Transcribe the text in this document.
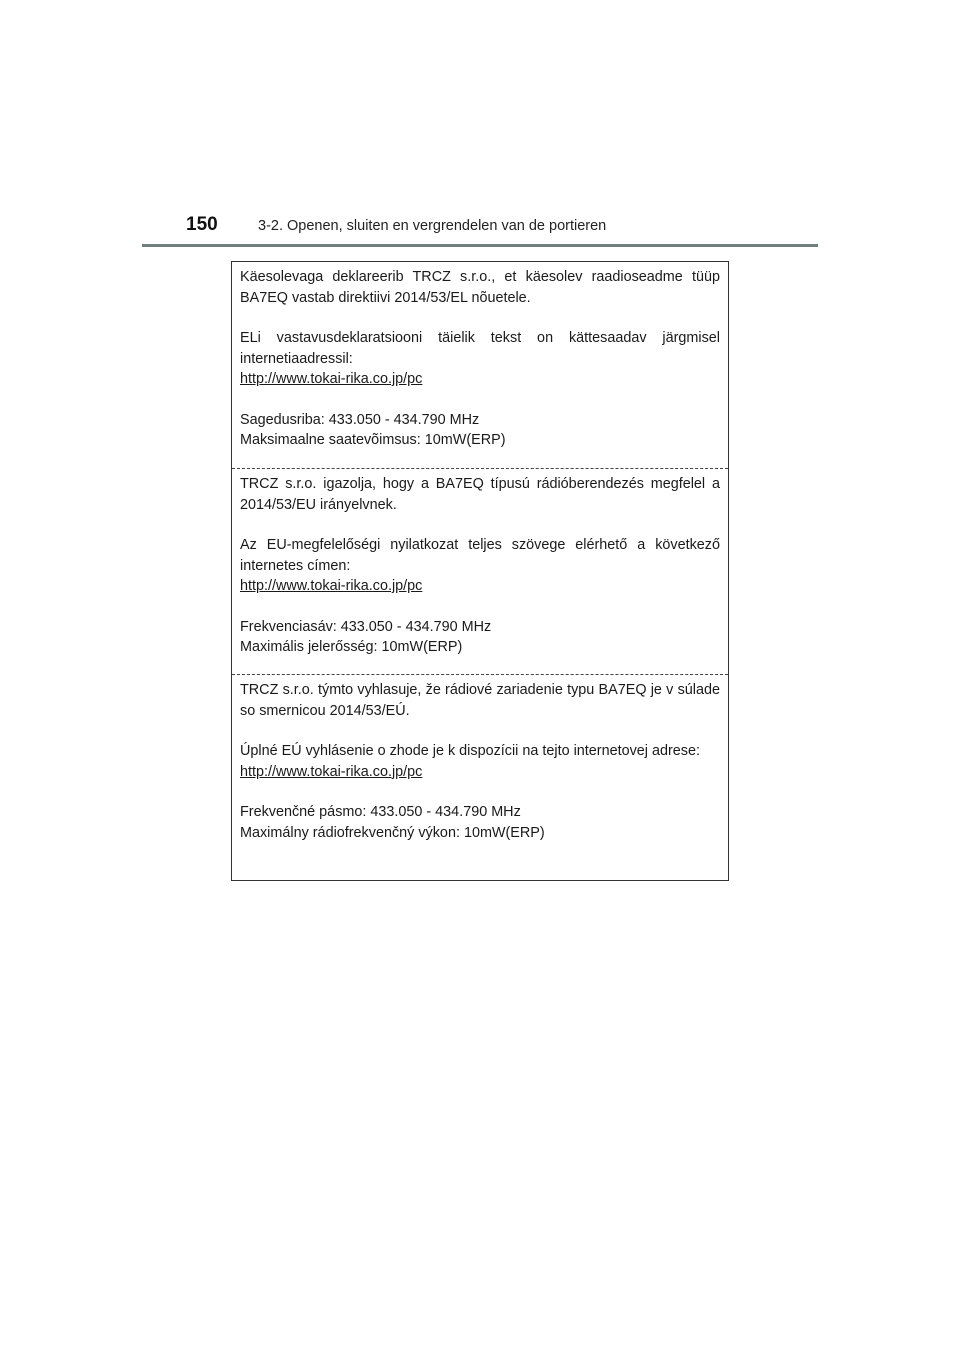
150	3-2. Openen, sluiten en vergrendelen van de portieren

Käesolevaga deklareerib TRCZ s.r.o., et käesolev raadioseadme tüüp BA7EQ vastab direktiivi 2014/53/EL nõuetele.

ELi vastavusdeklaratsiooni täielik tekst on kättesaadav järgmisel internetiaadressil:
http://www.tokai-rika.co.jp/pc

Sagedusriba: 433.050 - 434.790 MHz
Maksimaalne saatevõimsus: 10mW(ERP)

TRCZ s.r.o. igazolja, hogy a BA7EQ típusú rádióberendezés megfelel a 2014/53/EU irányelvnek.

Az EU-megfelelőségi nyilatkozat teljes szövege elérhető a következő internetes címen:
http://www.tokai-rika.co.jp/pc

Frekvenciasáv: 433.050 - 434.790 MHz
Maximális jelerősség: 10mW(ERP)

TRCZ s.r.o. týmto vyhlasuje, že rádiové zariadenie typu BA7EQ je v súlade so smernicou 2014/53/EÚ.

Úplné EÚ vyhlásenie o zhode je k dispozícii na tejto internetovej adrese:
http://www.tokai-rika.co.jp/pc

Frekvenčné pásmo: 433.050 - 434.790 MHz
Maximálny rádiofrekvenčný výkon: 10mW(ERP)
